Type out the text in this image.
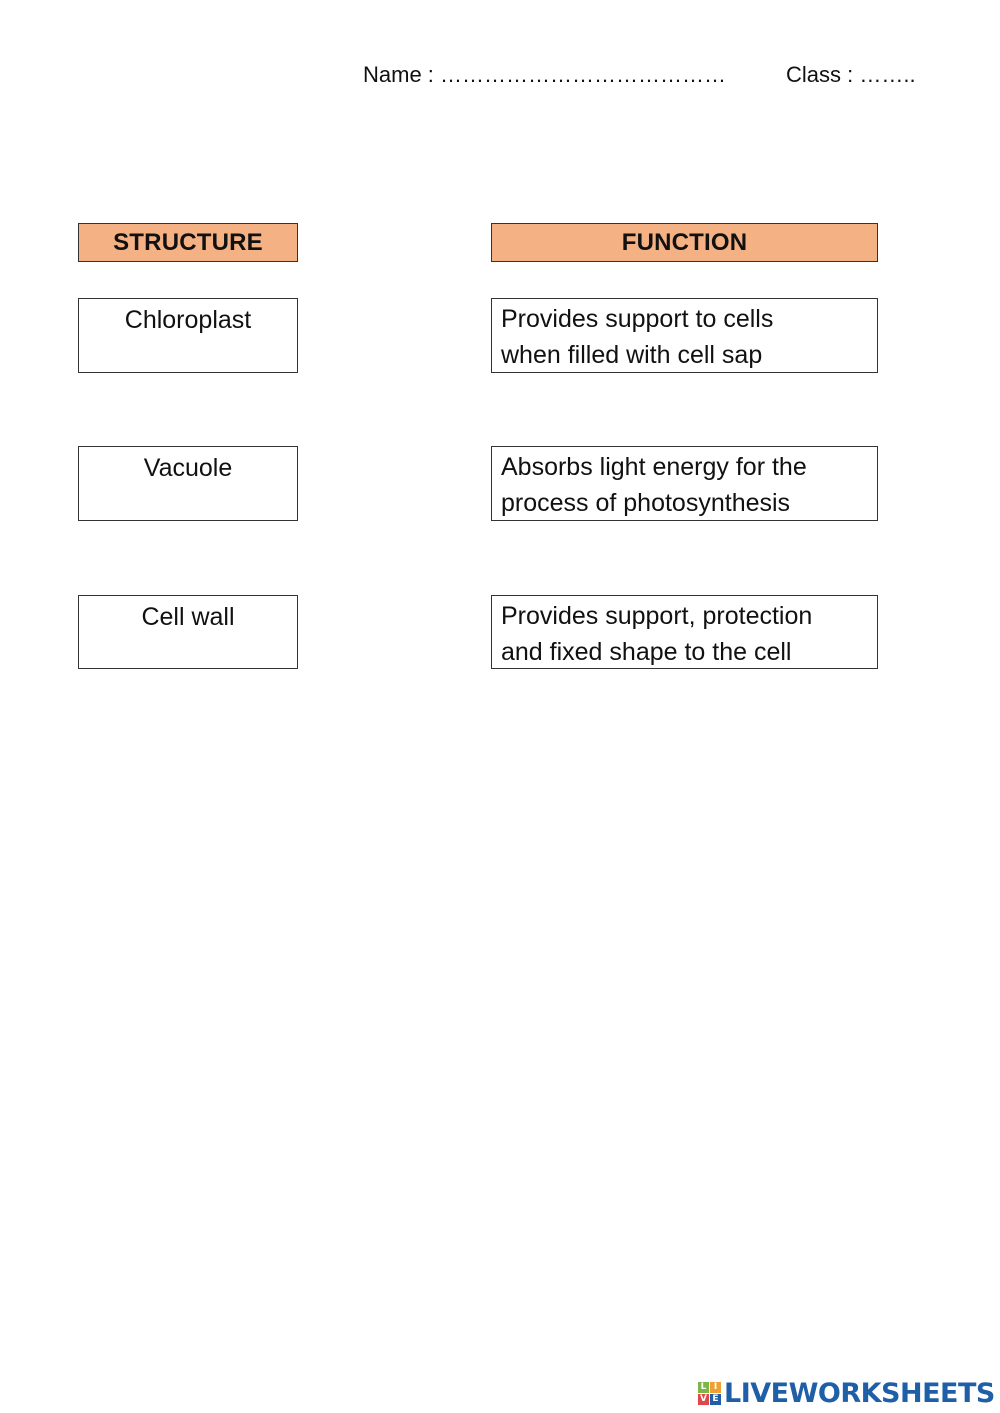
Name : …………………………………	Class : ……..
STRUCTURE	FUNCTION
Chloroplast	Provides support to cells
when filled with cell sap
Vacuole	Absorbs light energy for the
process of photosynthesis
Cell wall	Provides support, protection
and fixed shape to the cell
L I
V E LIVEWORKSHEETS
